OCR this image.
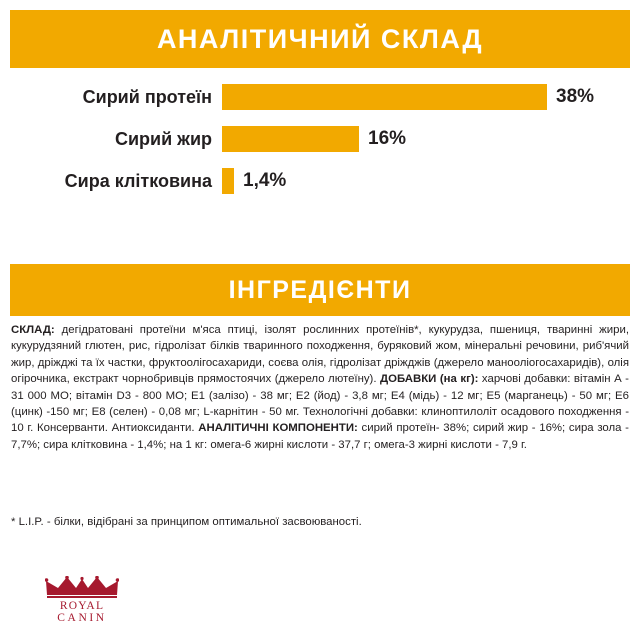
АНАЛІТИЧНИЙ СКЛАД
Сирий протеїн	38%
Сирий жир	16%
Сира клітковина	1,4%
ІНГРЕДІЄНТИ
СКЛАД: дегідратовані протеїни м'яса птиці, ізолят рослинних протеїнів*, кукурудза, пшениця, тваринні жири, кукурудзяний глютен, рис, гідролізат білків тваринного походження, буряковий жом, мінеральні речовини, риб'ячий жир, дріжджі та їх частки, фруктоолігосахариди, соєва олія, гідролізат дріжджів (джерело манооліогосахаридів), олія огірочника, екстракт чорнобривців прямостоячих (джерело лютеїну). ДОБАВКИ (на кг): харчові добавки: вітамін А - 31 000 МО; вітамін D3 - 800 МО; Е1 (залізо) - 38 мг; Е2 (йод) - 3,8 мг; Е4 (мідь) - 12 мг; Е5 (марганець) - 50 мг; Е6 (цинк) -150 мг; Е8 (селен) - 0,08 мг; L-карнітин - 50 мг. Технологічні добавки: клиноптилоліт осадового походження - 10 г. Консерванти. Антиоксиданти. АНАЛІТИЧНІ КОМПОНЕНТИ: сирий протеїн- 38%; сирий жир - 16%; сира зола - 7,7%; сира клітковина - 1,4%; на 1 кг: омега-6 жирні кислоти - 37,7 г; омега-3 жирні кислоти - 7,9 г.
* L.I.P. - білки, відібрані за принципом оптимальної засвоюваності.
ROYAL
CANIN
